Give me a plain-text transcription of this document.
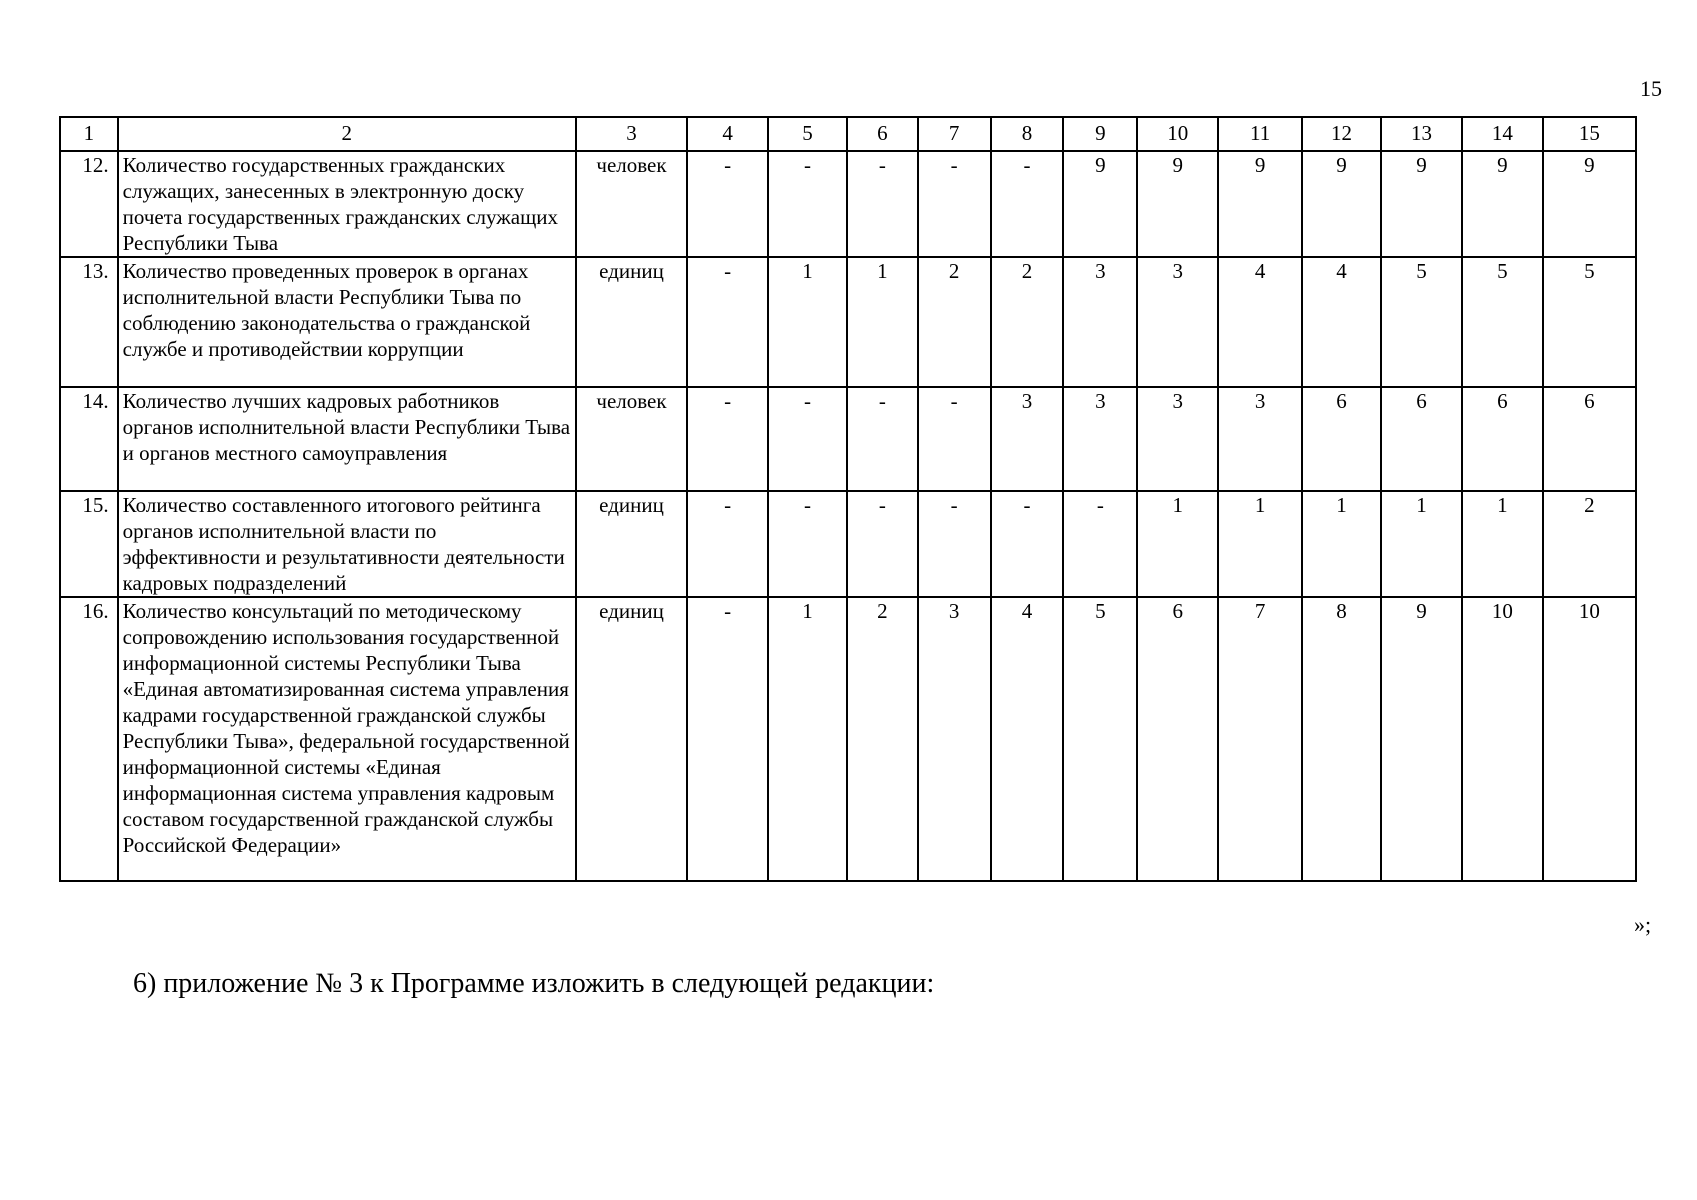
15
1	2	3	4	5	6	7	8	9	10	11	12	13	14	15
12.	Количество государственных гражданских служащих, занесенных в электронную доску почета государственных гражданских служащих Республики Тыва	человек	-	-	-	-	-	9	9	9	9	9	9	9
13.	Количество проведенных проверок в органах исполнительной власти Республики Тыва по соблюдению законодательства о гражданской службе и противодействии коррупции	единиц	-	1	1	2	2	3	3	4	4	5	5	5
14.	Количество лучших кадровых работников органов исполнительной власти Республики Тыва и органов местного самоуправления	человек	-	-	-	-	3	3	3	3	6	6	6	6
15.	Количество составленного итогового рейтинга органов исполнительной власти по эффективности и результативности деятельности кадровых подразделений	единиц	-	-	-	-	-	-	1	1	1	1	1	2
16.	Количество консультаций по методическому сопровождению использования государственной информационной системы Республики Тыва «Единая автоматизированная система управления кадрами государственной гражданской службы Республики Тыва», федеральной государственной информационной системы «Единая информационная система управления кадровым составом государственной гражданской службы Российской Федерации»	единиц	-	1	2	3	4	5	6	7	8	9	10	10
»;
6) приложение № 3 к Программе изложить в следующей редакции:
